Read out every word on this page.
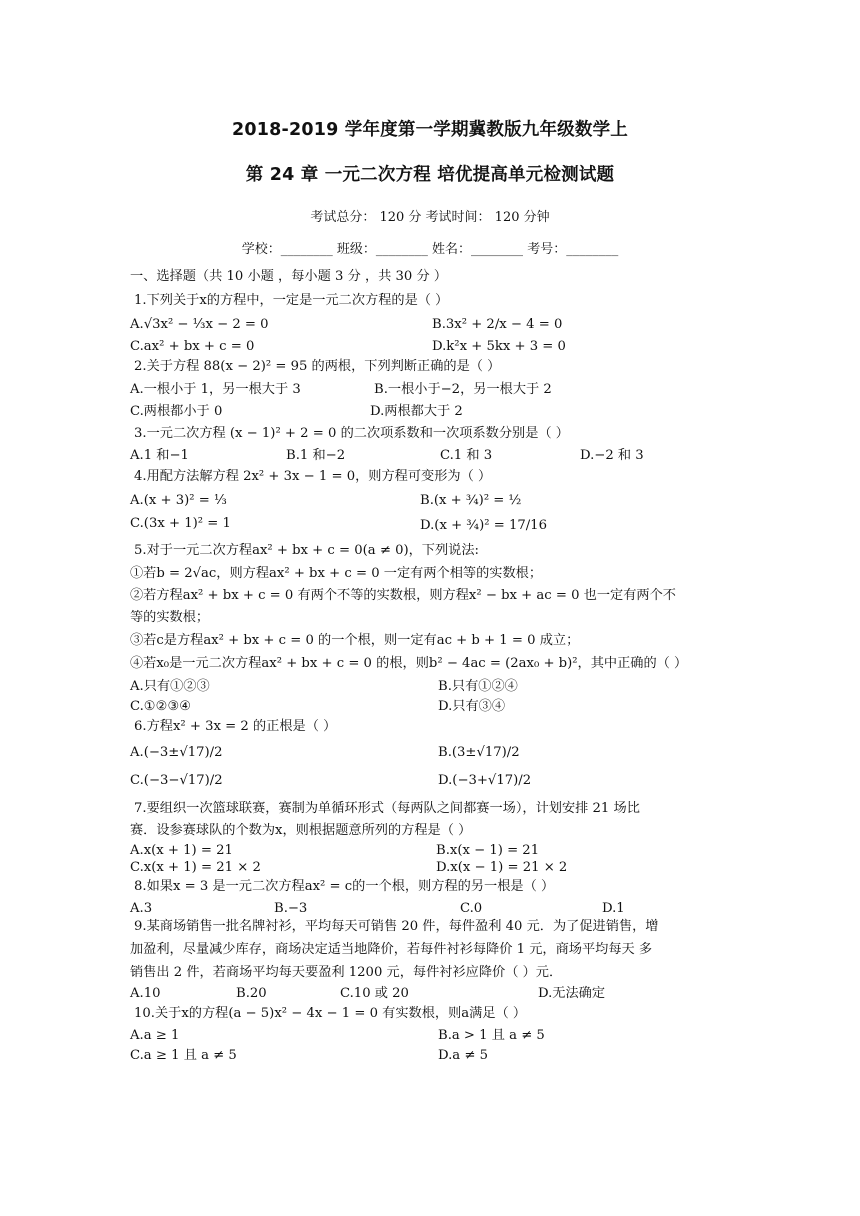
2018-2019 学年度第一学期冀教版九年级数学上
第 24 章 一元二次方程 培优提高单元检测试题
考试总分： 120 分 考试时间： 120 分钟
学校：________ 班级：________ 姓名：________ 考号：________
一、选择题（共 10 小题 ，每小题 3 分 ，共 30 分 ）
1.下列关于x的方程中，一定是一元二次方程的是（ ）
A.√3x² − ⅓x − 2 = 0	B.3x² + 2/x − 4 = 0
C.ax² + bx + c = 0	D.k²x + 5kx + 3 = 0
2.关于方程 88(x − 2)² = 95 的两根，下列判断正确的是（ ）
A.一根小于 1，另一根大于 3	B.一根小于−2，另一根大于 2
C.两根都小于 0	D.两根都大于 2
3.一元二次方程 (x − 1)² + 2 = 0 的二次项系数和一次项系数分别是（ ）
A.1 和−1	B.1 和−2	C.1 和 3	D.−2 和 3
4.用配方法解方程 2x² + 3x − 1 = 0，则方程可变形为（ ）
A.(x + 3)² = ⅓	B.(x + ¾)² = ½
C.(3x + 1)² = 1	D.(x + ¾)² = 17/16
5.对于一元二次方程ax² + bx + c = 0(a ≠ 0)，下列说法:
①若b = 2√ac，则方程ax² + bx + c = 0 一定有两个相等的实数根；
②若方程ax² + bx + c = 0 有两个不等的实数根，则方程x² − bx + ac = 0 也一定有两个不
等的实数根；
③若c是方程ax² + bx + c = 0 的一个根，则一定有ac + b + 1 = 0 成立；
④若x₀是一元二次方程ax² + bx + c = 0 的根，则b² − 4ac = (2ax₀ + b)²，其中正确的（ ）
A.只有①②③	B.只有①②④
C.①②③④	D.只有③④
6.方程x² + 3x = 2 的正根是（ ）
A.(−3±√17)/2	B.(3±√17)/2
C.(−3−√17)/2	D.(−3+√17)/2
7.要组织一次篮球联赛，赛制为单循环形式（每两队之间都赛一场），计划安排 21 场比
赛．设参赛球队的个数为x，则根据题意所列的方程是（ ）
A.x(x + 1) = 21	B.x(x − 1) = 21
C.x(x + 1) = 21 × 2	D.x(x − 1) = 21 × 2
8.如果x = 3 是一元二次方程ax² = c的一个根，则方程的另一根是（ ）
A.3	B.−3	C.0	D.1
9.某商场销售一批名牌衬衫，平均每天可销售 20 件，每件盈利 40 元．为了促进销售，增
加盈利，尽量减少库存，商场决定适当地降价，若每件衬衫每降价 1 元，商场平均每天 多
销售出 2 件，若商场平均每天要盈利 1200 元，每件衬衫应降价（ ）元．
A.10	B.20	C.10 或 20	D.无法确定
10.关于x的方程(a − 5)x² − 4x − 1 = 0 有实数根，则a满足（ ）
A.a ≥ 1	B.a > 1 且 a ≠ 5
C.a ≥ 1 且 a ≠ 5	D.a ≠ 5
